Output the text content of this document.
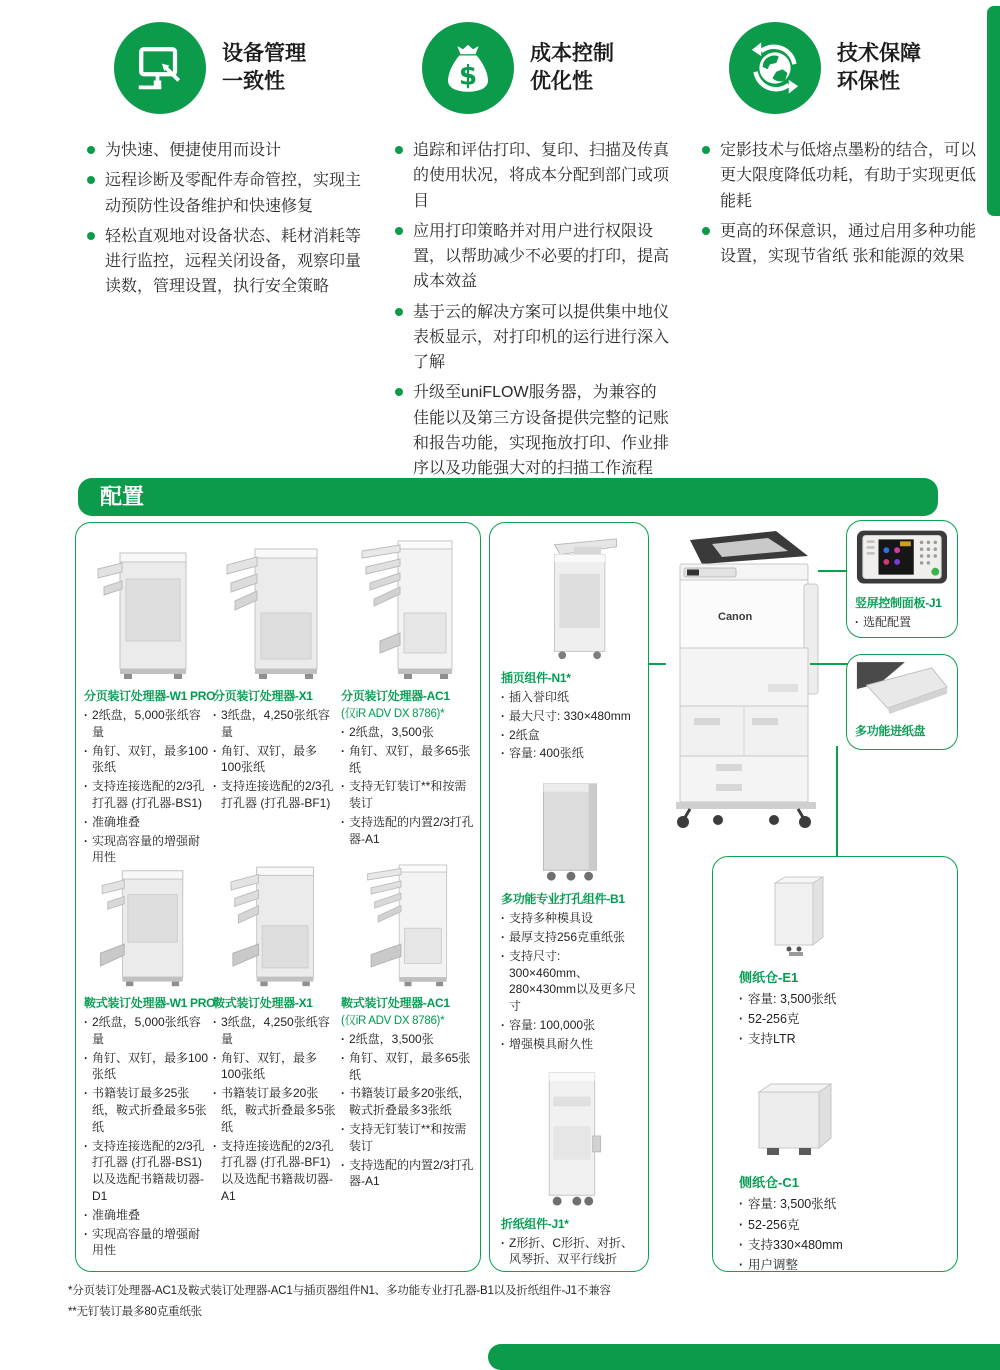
设备管理
一致性
为快速、便捷使用而设计
远程诊断及零配件寿命管控，实现主动预防性设备维护和快速修复
轻松直观地对设备状态、耗材消耗等进行监控，远程关闭设备，观察印量读数，管理设置，执行安全策略
$
成本控制
优化性
追踪和评估打印、复印、扫描及传真的使用状况，将成本分配到部门或项目
应用打印策略并对用户进行权限设置，以帮助减少不必要的打印，提高成本效益
基于云的解决方案可以提供集中地仪表板显示，对打印机的运行进行深入了解
升级至uniFLOW服务器，为兼容的佳能以及第三方设备提供完整的记账和报告功能，实现拖放打印、作业排序以及功能强大对的扫描工作流程
技术保障
环保性
定影技术与低熔点墨粉的结合，可以更大限度降低功耗，有助于实现更低能耗
更高的环保意识，通过启用多种功能设置，实现节省纸 张和能源的效果
配置
分页装订处理器-W1 PRO
· 2纸盘，5,000张纸容量
· 角钉、双钉，最多100张纸
· 支持连接选配的2/3孔打孔器 (打孔器-BS1)
· 准确堆叠
· 实现高容量的增强耐用性
分页装订处理器-X1
· 3纸盘，4,250张纸容量
· 角钉、双钉，最多100张纸
· 支持连接选配的2/3孔打孔器 (打孔器-BF1)
分页装订处理器-AC1
(仅iR ADV DX 8786)*
· 2纸盘，3,500张
· 角钉、双钉，最多65张纸
· 支持无钉装订**和按需装订
· 支持选配的内置2/3打孔器-A1
鞍式装订处理器-W1 PRO
· 2纸盘，5,000张纸容量
· 角钉、双钉，最多100张纸
· 书籍装订最多25张纸，鞍式折叠最多5张纸
· 支持连接选配的2/3孔打孔器 (打孔器-BS1) 以及选配书籍裁切器-D1
· 准确堆叠
· 实现高容量的增强耐用性
鞍式装订处理器-X1
· 3纸盘，4,250张纸容量
· 角钉、双钉，最多100张纸
· 书籍装订最多20张纸，鞍式折叠最多5张纸
· 支持连接选配的2/3孔打孔器 (打孔器-BF1) 以及选配书籍裁切器-A1
鞍式装订处理器-AC1
(仅iR ADV DX 8786)*
· 2纸盘，3,500张
· 角钉、双钉，最多65张纸
· 书籍装订最多20张纸，鞍式折叠最多3张纸
· 支持无钉装订**和按需装订
· 支持选配的内置2/3打孔器-A1
插页组件-N1*
· 插入誉印纸
· 最大尺寸: 330×480mm
· 2纸盒
· 容量: 400张纸
多功能专业打孔组件-B1
· 支持多种模具设
· 最厚支持256克重纸张
· 支持尺寸: 300×460mm、280×430mm以及更多尺寸
· 容量: 100,000张
· 增强模具耐久性
折纸组件-J1*
· Z形折、C形折、对折、风琴折、双平行线折
Canon
竖屏控制面板-J1
· 选配配置
多功能进纸盘
侧纸仓-E1
· 容量: 3,500张纸
· 52-256克
· 支持LTR
侧纸仓-C1
· 容量: 3,500张纸
· 52-256克
· 支持330×480mm
· 用户调整
*分页装订处理器-AC1及鞍式装订处理器-AC1与插页器组件N1、多功能专业打孔器-B1以及折纸组件-J1不兼容
**无钉装订最多80克重纸张
